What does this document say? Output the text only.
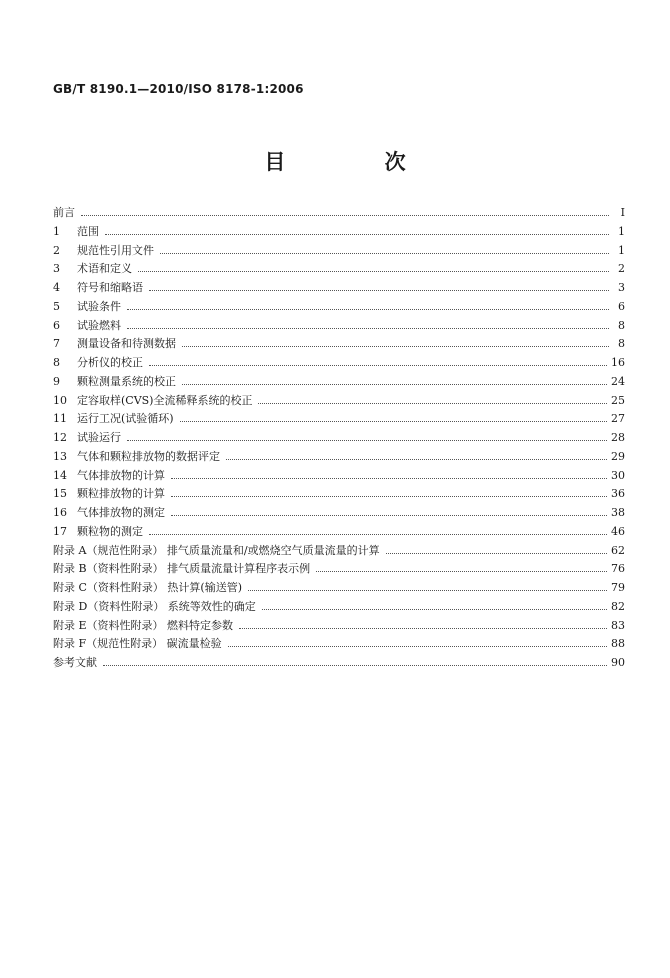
GB/T 8190.1—2010/ISO 8178-1:2006
目 次
前言	Ⅰ
1	范围	1
2	规范性引用文件	1
3	术语和定义	2
4	符号和缩略语	3
5	试验条件	6
6	试验燃料	8
7	测量设备和待测数据	8
8	分析仪的校正	16
9	颗粒测量系统的校正	24
10 定容取样(CVS)全流稀释系统的校正	25
11 运行工况(试验循环)	27
12 试验运行	28
13 气体和颗粒排放物的数据评定	29
14 气体排放物的计算	30
15 颗粒排放物的计算	36
16 气体排放物的测定	38
17 颗粒物的测定	46
附录 A（规范性附录） 排气质量流量和/或燃烧空气质量流量的计算	62
附录 B（资料性附录） 排气质量流量计算程序表示例	76
附录 C（资料性附录） 热计算(输送管)	79
附录 D（资料性附录） 系统等效性的确定	82
附录 E（资料性附录） 燃料特定参数	83
附录 F（规范性附录） 碳流量检验	88
参考文献	90
